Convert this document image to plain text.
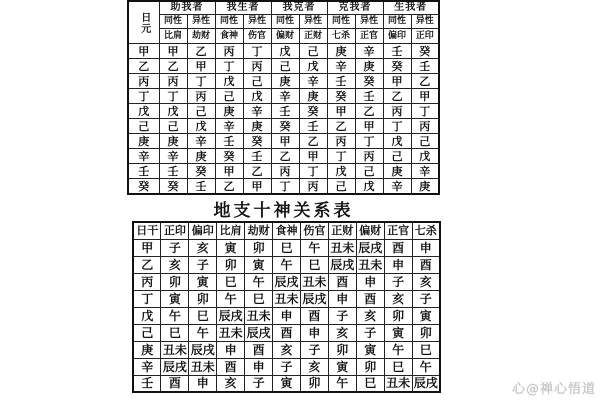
日元	助我者		我生者		我克者		克我者		生我者	
	同性	异性	同性	异性	同性	异性	同性	异性	同性	异性
	比肩	劫财	食神	伤官	偏财	正财	七杀	正官	偏印	正印
甲	甲	乙	丙	丁	戊	己	庚	辛	壬	癸
乙	乙	甲	丁	丙	己	戊	辛	庚	癸	壬
丙	丙	丁	戊	己	庚	辛	壬	癸	甲	乙
丁	丁	丙	己	戊	辛	庚	癸	壬	乙	甲
戊	戊	己	庚	辛	壬	癸	甲	乙	丙	丁
己	己	戊	辛	庚	癸	壬	乙	甲	丁	丙
庚	庚	辛	壬	癸	甲	乙	丙	丁	戊	己
辛	辛	庚	癸	壬	乙	甲	丁	丙	己	戊
壬	壬	癸	甲	乙	丙	丁	戊	己	庚	辛
癸	癸	壬	乙	甲	丁	丙	己	戊	辛	庚
地支十神关系表
日干	正印	偏印	比肩	劫财	食神	伤官	正财	偏财	正官	七杀
甲	子	亥	寅	卯	巳	午	丑未	辰戌	酉	申
乙	亥	子	卯	寅	午	巳	辰戌	丑未	申	酉
丙	卯	寅	巳	午	辰戌	丑未	酉	申	子	亥
丁	寅	卯	午	巳	丑未	辰戌	申	酉	亥	子
戊	午	巳	辰戌	丑未	申	酉	子	亥	卯	寅
己	巳	午	丑未	辰戌	酉	申	亥	子	寅	卯
庚	丑未	辰戌	申	酉	亥	子	卯	寅	午	巳
辛	辰戌	丑未	酉	申	子	亥	寅	卯	巳	午
壬	酉	申	亥	子	寅	卯	午	巳	丑未	辰戌	心@禅心悟道
